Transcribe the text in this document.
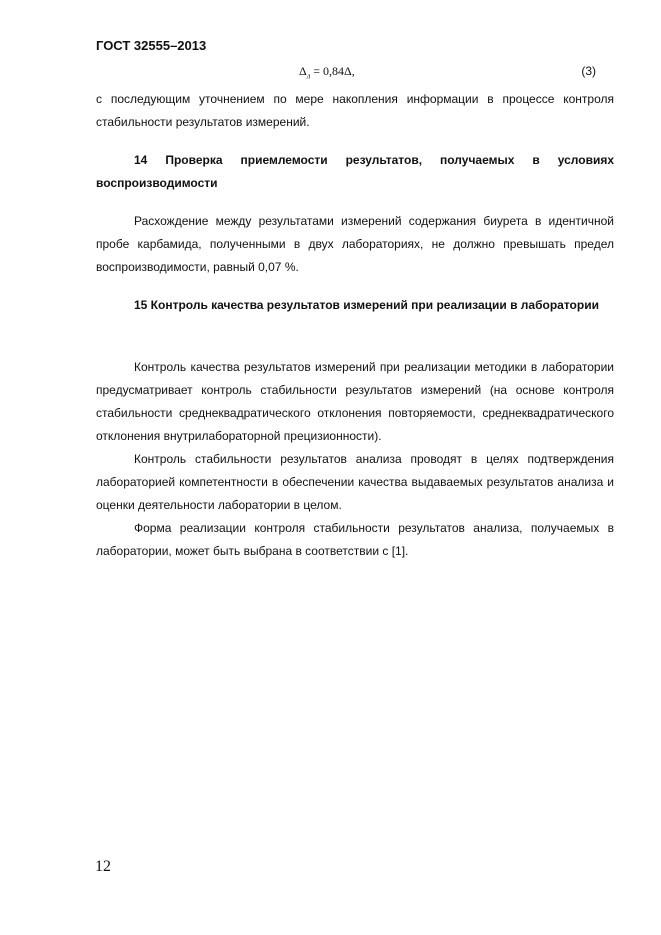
ГОСТ 32555–2013
$\Delta_л = 0,84\Delta$,	(3)

с последующим уточнением по мере накопления информации в процессе контроля стабильности результатов измерений.

14 Проверка приемлемости результатов, получаемых в условиях воспроизводимости

Расхождение между результатами измерений содержания биурета в идентичной пробе карбамида, полученными в двух лабораториях, не должно превышать предел воспроизводимости, равный 0,07 %.

15 Контроль качества результатов измерений при реализации в лаборатории

Контроль качества результатов измерений при реализации методики в лаборатории предусматривает контроль стабильности результатов измерений (на основе контроля стабильности среднеквадратического отклонения повторяемости, среднеквадратического отклонения внутрилабораторной прецизионности).

Контроль стабильности результатов анализа проводят в целях подтверждения лабораторией компетентности в обеспечении качества выдаваемых результатов анализа и оценки деятельности лаборатории в целом.

Форма реализации контроля стабильности результатов анализа, получаемых в лаборатории, может быть выбрана в соответствии с [1].

12
